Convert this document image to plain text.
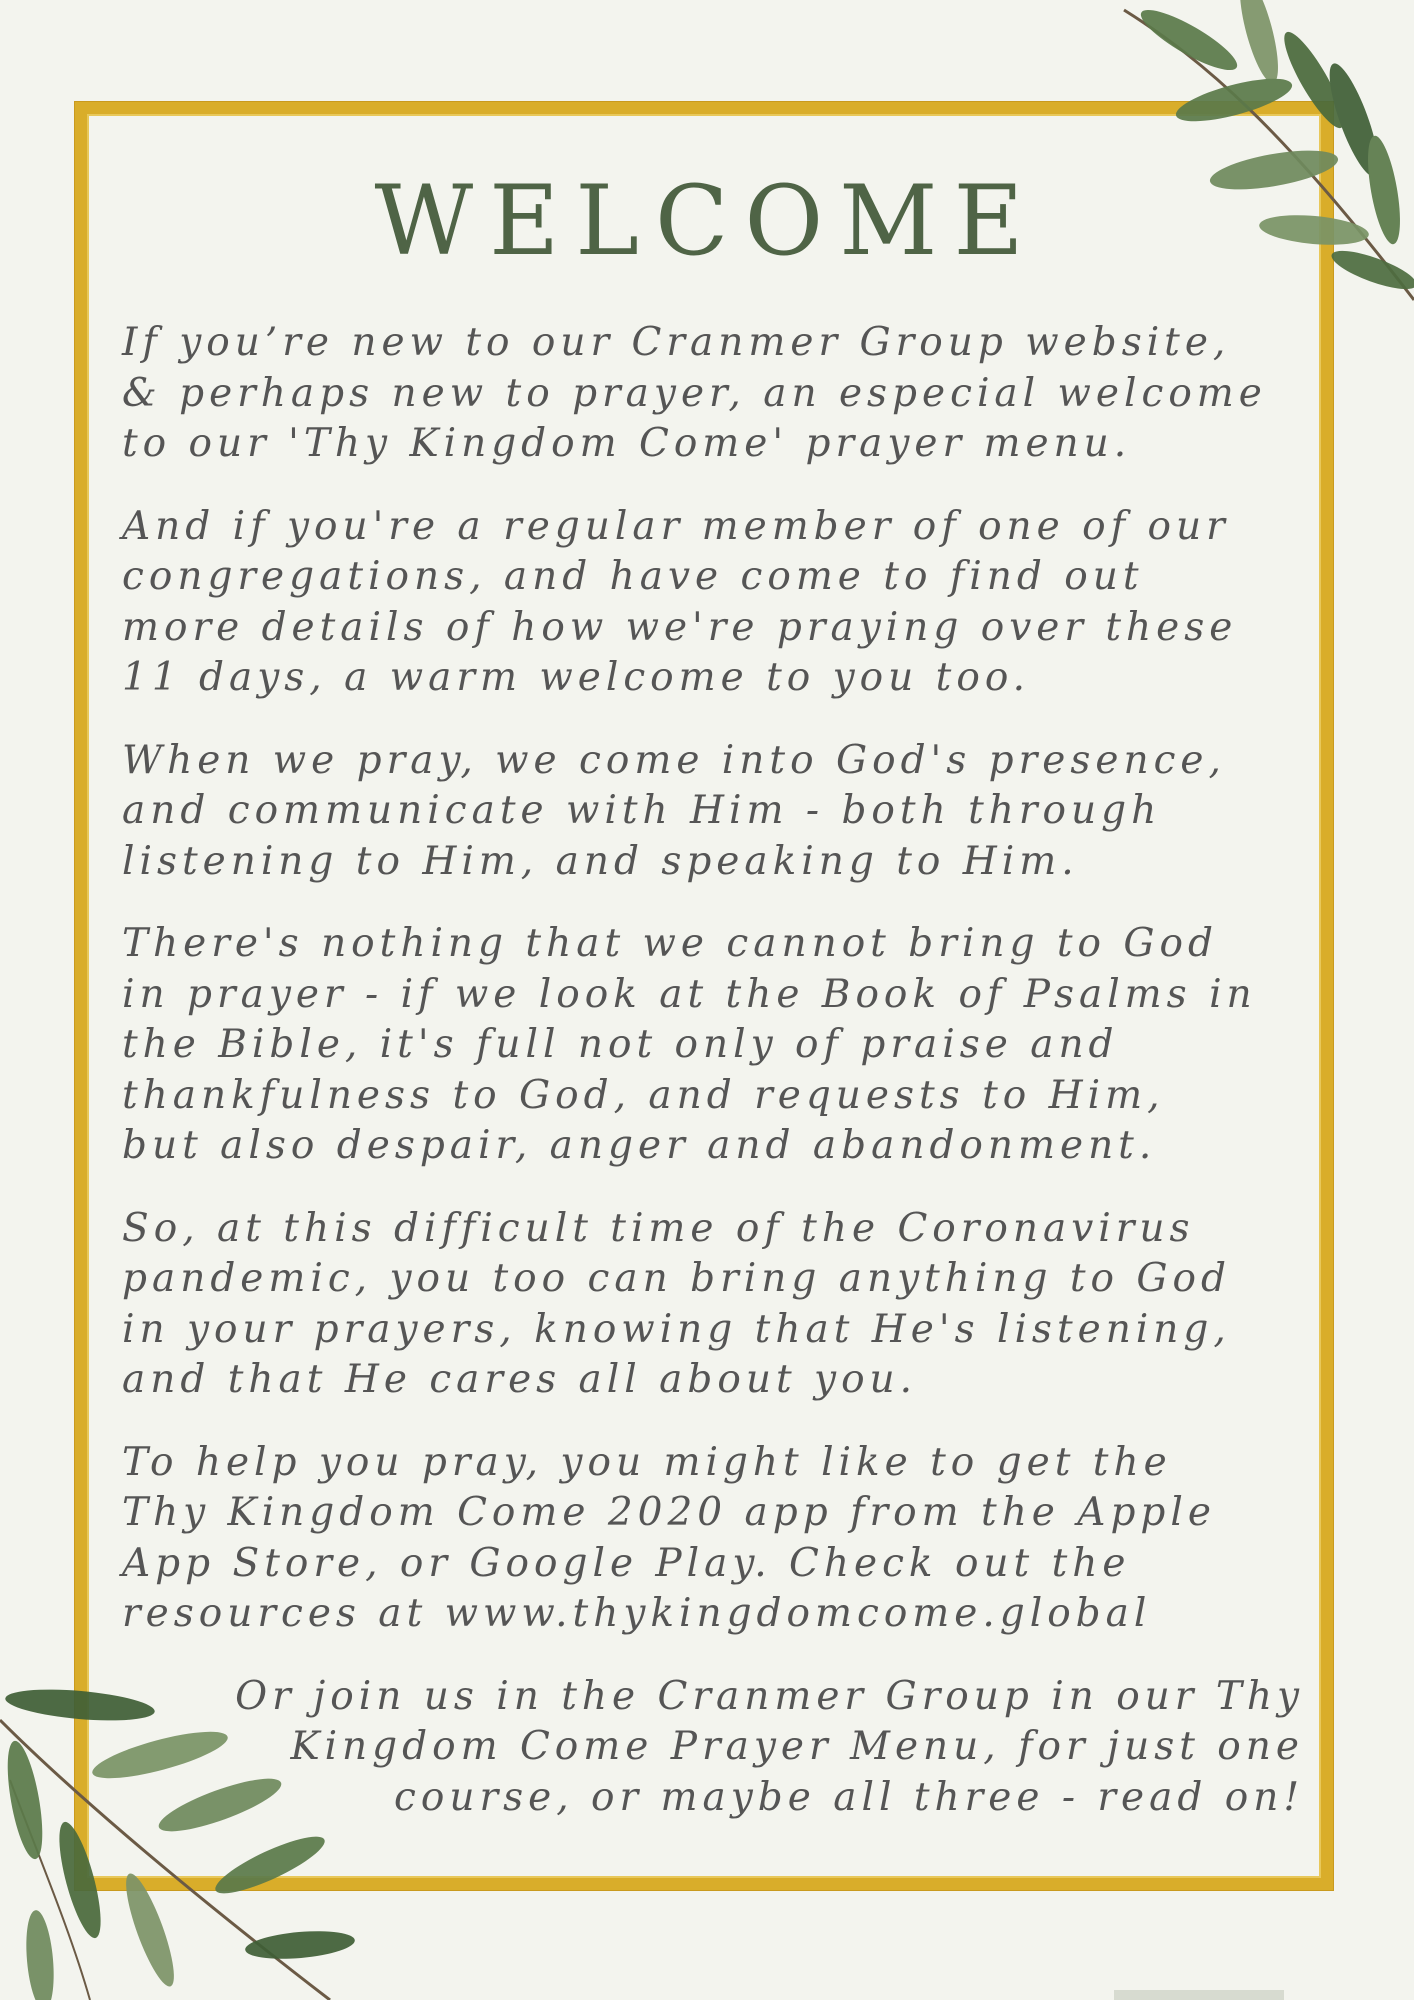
WELCOME

If you’re new to our Cranmer Group website,
& perhaps new to prayer, an especial welcome
to our 'Thy Kingdom Come' prayer menu.

And if you're a regular member of one of our
congregations, and have come to find out
more details of how we're praying over these
11 days, a warm welcome to you too.

When we pray, we come into God's presence,
and communicate with Him - both through
listening to Him, and speaking to Him.

There's nothing that we cannot bring to God
in prayer - if we look at the Book of Psalms in
the Bible, it's full not only of praise and
thankfulness to God, and requests to Him,
but also despair, anger and abandonment.

So, at this difficult time of the Coronavirus
pandemic, you too can bring anything to God
in your prayers, knowing that He's listening,
and that He cares all about you.

To help you pray, you might like to get the
Thy Kingdom Come 2020 app from the Apple
App Store, or Google Play. Check out the
resources at www.thykingdomcome.global

Or join us in the Cranmer Group in our Thy
Kingdom Come Prayer Menu, for just one
course, or maybe all three - read on!
